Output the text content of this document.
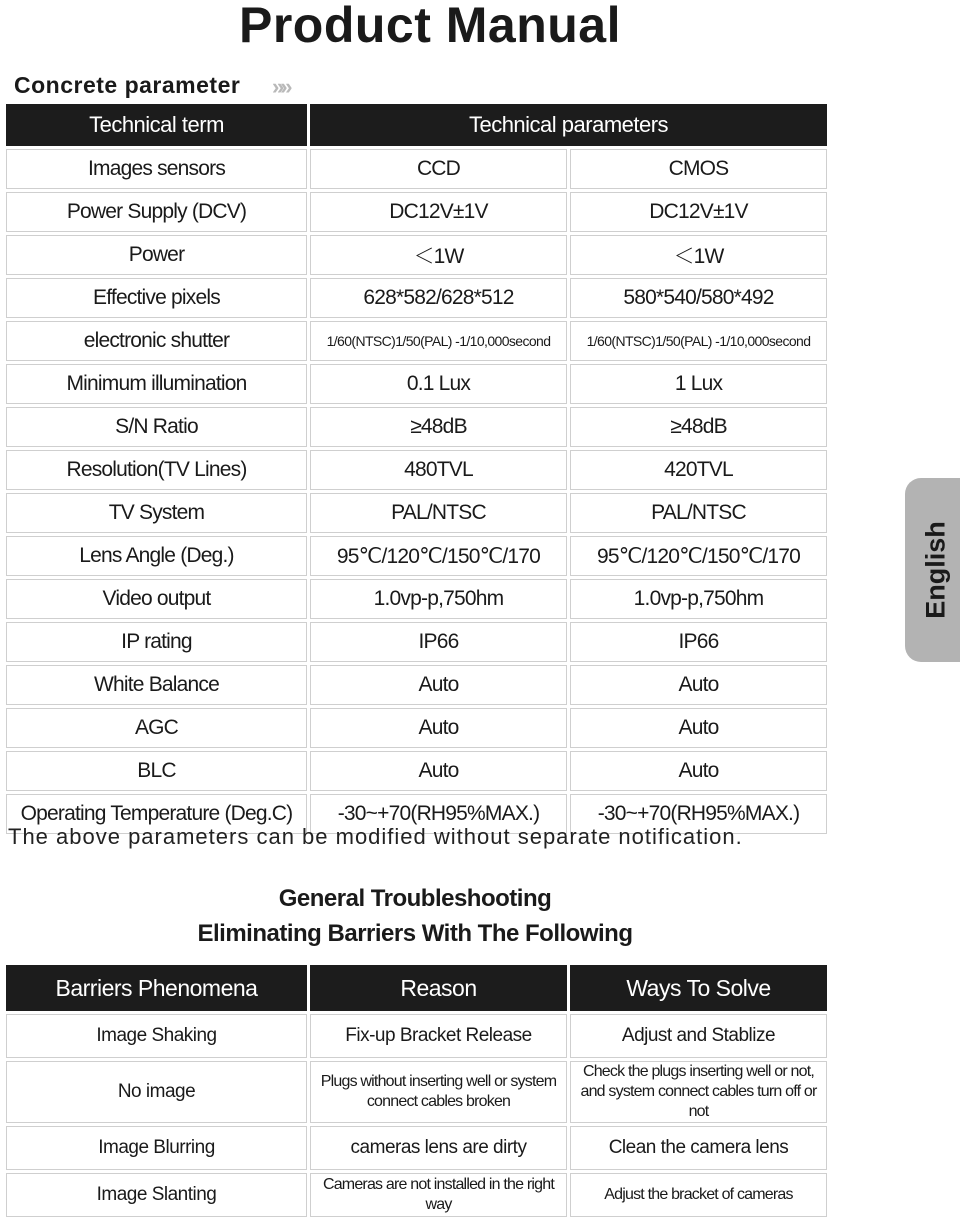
Product Manual
Concrete parameter »»
Technical term	Technical parameters	
Images sensors	CCD	CMOS
Power Supply (DCV)	DC12V±1V	DC12V±1V
Power	＜1W	＜1W
Effective pixels	628*582/628*512	580*540/580*492
electronic shutter	1/60(NTSC)1/50(PAL) -1/10,000second	1/60(NTSC)1/50(PAL) -1/10,000second
Minimum illumination	0.1 Lux	1 Lux
S/N Ratio	≥48dB	≥48dB
Resolution(TV Lines)	480TVL	420TVL
TV System	PAL/NTSC	PAL/NTSC
Lens Angle (Deg.)	95℃/120℃/150℃/170	95℃/120℃/150℃/170
Video output	1.0vp-p,750hm	1.0vp-p,750hm
IP rating	IP66	IP66
White Balance	Auto	Auto
AGC	Auto	Auto
BLC	Auto	Auto
Operating Temperature (Deg.C)	-30~+70(RH95%MAX.)	-30~+70(RH95%MAX.)
The above parameters can be modified without separate notification.
General Troubleshooting
Eliminating Barriers With The Following
Barriers Phenomena	Reason	Ways To Solve
Image Shaking	Fix-up Bracket Release	Adjust and Stablize
No image	Plugs without inserting well or system connect cables broken	Check the plugs inserting well or not, and system connect cables turn off or not
Image Blurring	cameras lens are dirty	Clean the camera lens
Image Slanting	Cameras are not installed in the right way	Adjust the bracket of cameras
English
